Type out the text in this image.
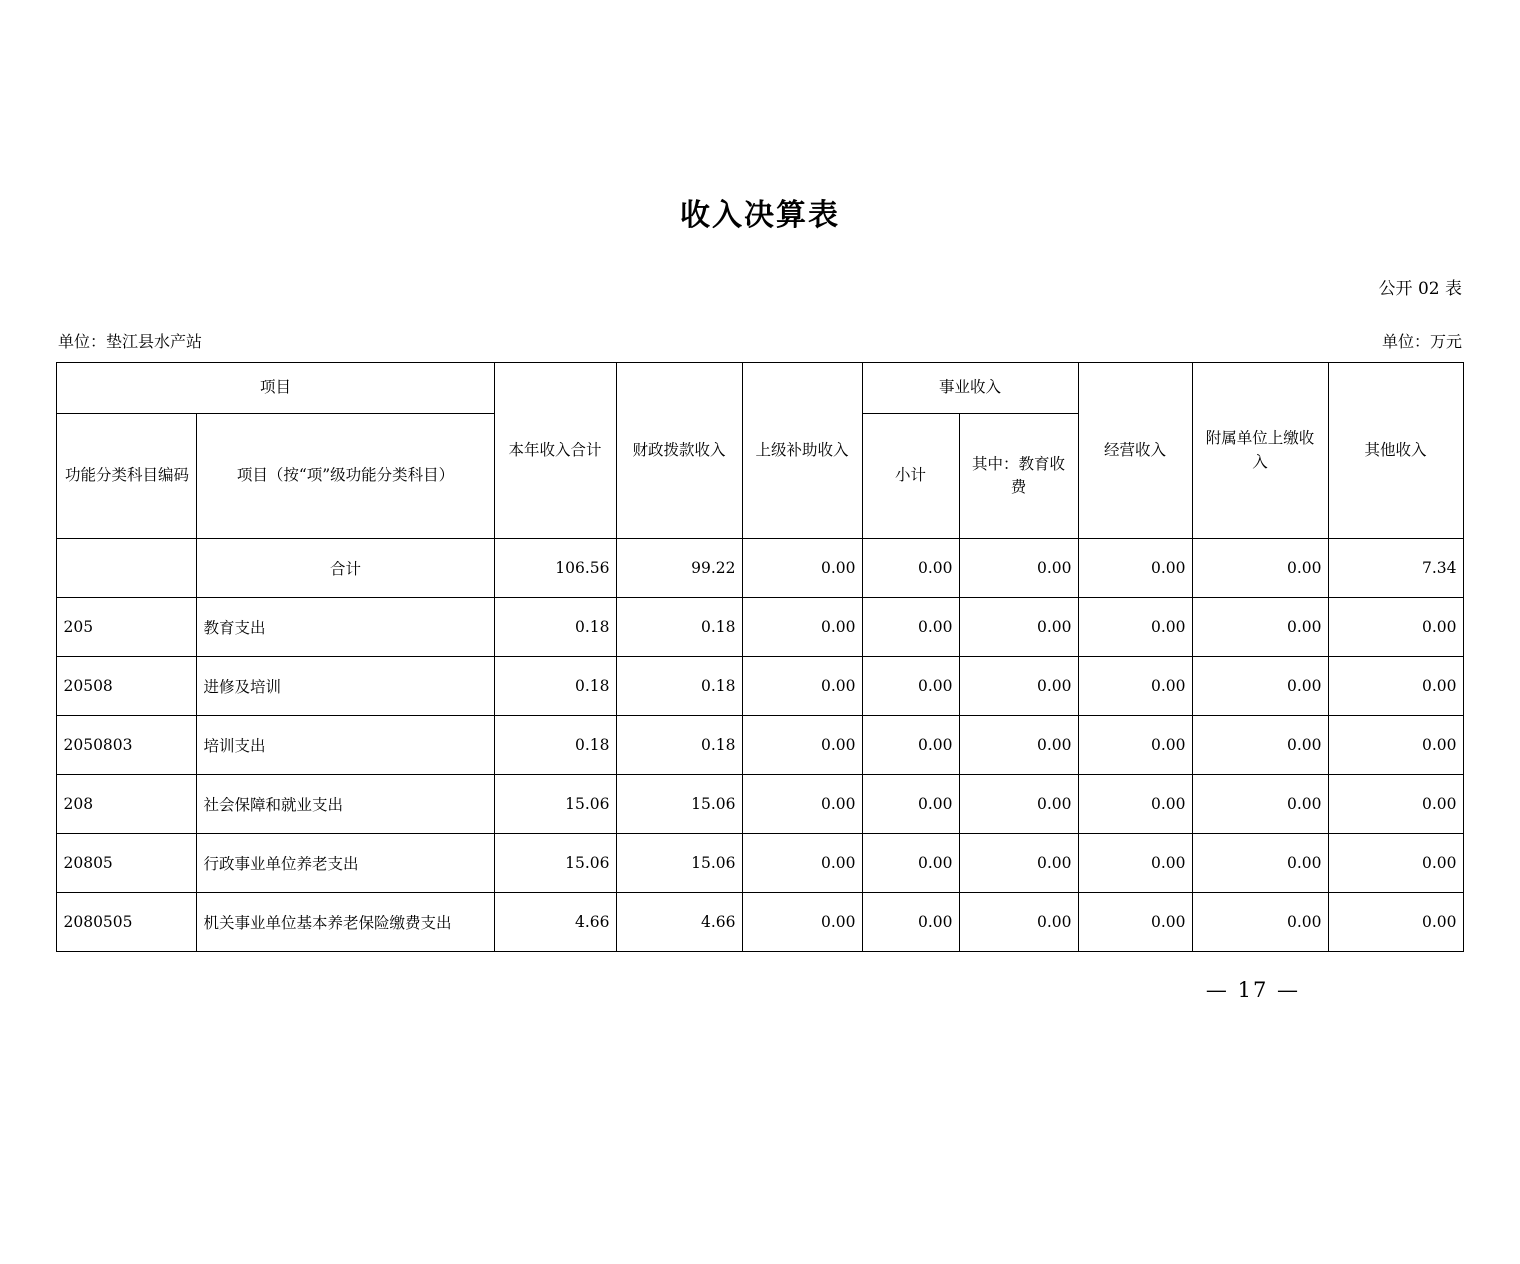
收入决算表
公开 02 表
单位：垫江县水产站	单位：万元
项目		本年收入合计	财政拨款收入	上级补助收入	事业收入		经营收入	附属单位上缴收入	其他收入
功能分类科目编码	项目（按“项”级功能分类科目）				小计	其中：教育收费			
	合计	106.56	99.22	0.00	0.00	0.00	0.00	0.00	7.34
205	教育支出	0.18	0.18	0.00	0.00	0.00	0.00	0.00	0.00
20508	进修及培训	0.18	0.18	0.00	0.00	0.00	0.00	0.00	0.00
2050803	培训支出	0.18	0.18	0.00	0.00	0.00	0.00	0.00	0.00
208	社会保障和就业支出	15.06	15.06	0.00	0.00	0.00	0.00	0.00	0.00
20805	行政事业单位养老支出	15.06	15.06	0.00	0.00	0.00	0.00	0.00	0.00
2080505	机关事业单位基本养老保险缴费支出	4.66	4.66	0.00	0.00	0.00	0.00	0.00	0.00
— 17 —
